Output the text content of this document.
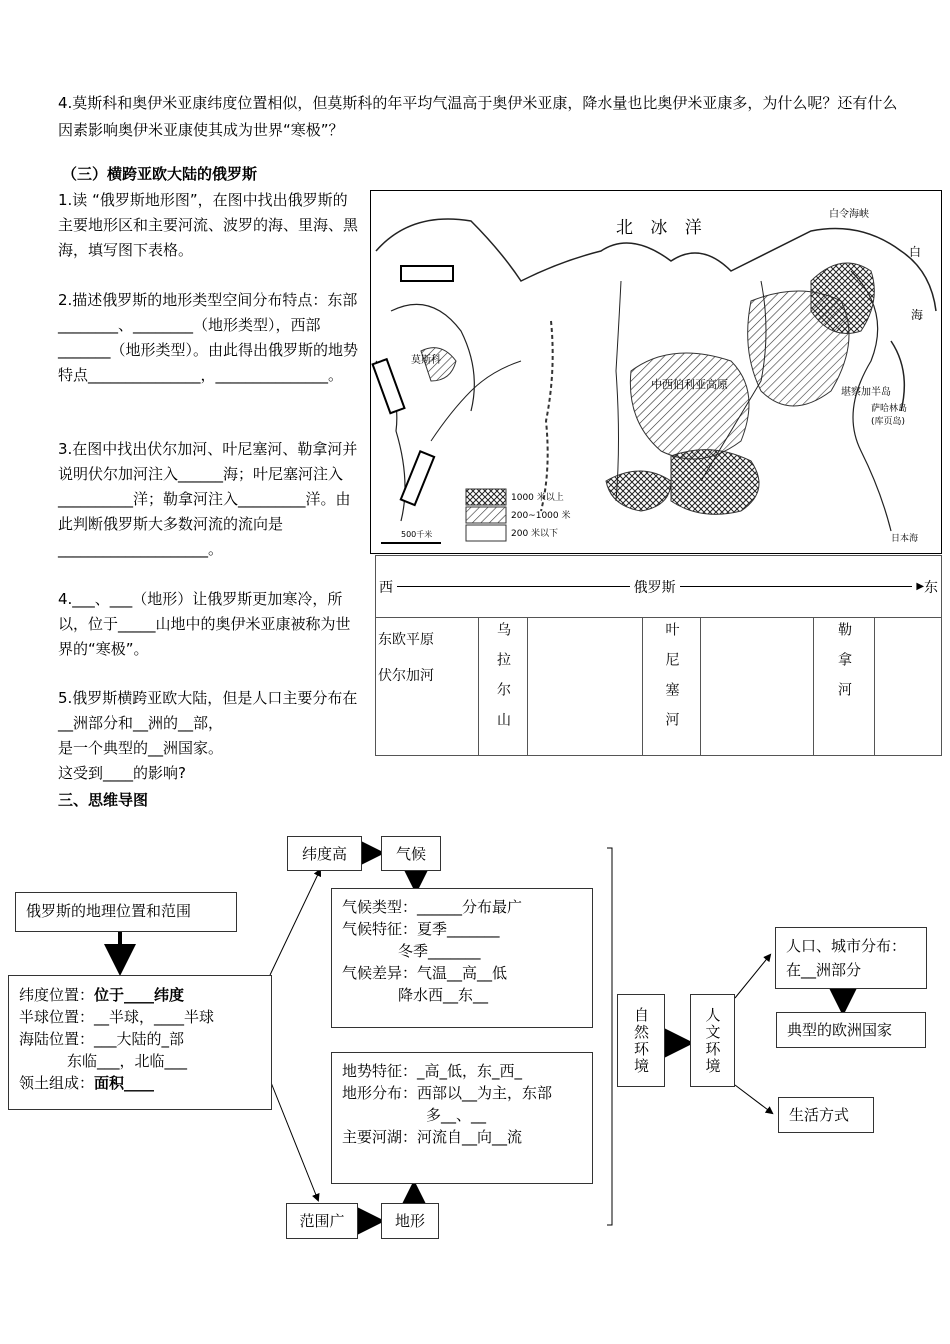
4.莫斯科和奥伊米亚康纬度位置相似，但莫斯科的年平均气温高于奥伊米亚康，降水量也比奥伊米亚康多，为什么呢？还有什么因素影响奥伊米亚康使其成为世界“寒极”？
（三）横跨亚欧大陆的俄罗斯

1.读 “俄罗斯地形图”，在图中找出俄罗斯的主要地形区和主要河流、波罗的海、里海、黑海，填写图下表格。

2.描述俄罗斯的地形类型空间分布特点：东部________、________（地形类型），西部_______（地形类型）。由此得出俄罗斯的地势特点_______________，_______________。

3.在图中找出伏尔加河、叶尼塞河、勒拿河并说明伏尔加河注入______海；叶尼塞河注入__________洋；勒拿河注入_________洋。由此判断俄罗斯大多数河流的流向是____________________。

4.___、___（地形）让俄罗斯更加寒冷，所以，位于_____山地中的奥伊米亚康被称为世界的“寒极”。

5.俄罗斯横跨亚欧大陆，但是人口主要分布在__洲部分和__洲的__部，

是一个典型的__洲国家。

这受到____的影响?

北 冰 洋
白令海峡
白
海
堪察加半岛
萨哈林岛
(库页岛)
莫斯科
中西伯利亚高原
1000 米以上
200~1000 米
200 米以下
500千米	日本海
西	俄罗斯	▶ 东

东欧平原
伏尔加河	乌拉尔山		叶尼塞河		勒拿河

三、思维导图
俄罗斯的地理位置和范围
纬度位置：位于____纬度
半球位置：__半球，____半球
海陆位置：___大陆的_部
东临___，北临___
领土组成：面积____
纬度高	气候
气候类型：______分布最广
气候特征：夏季_______
冬季_______
气候差异：气温__高__低
降水西__东__
地势特征：_高_低，东_西_
地形分布：西部以__为主，东部
多__、__
主要河湖：河流自__向__流
范围广	地形
自然环境	人文环境
人口、城市分布：
在__洲部分
典型的欧洲国家
生活方式
